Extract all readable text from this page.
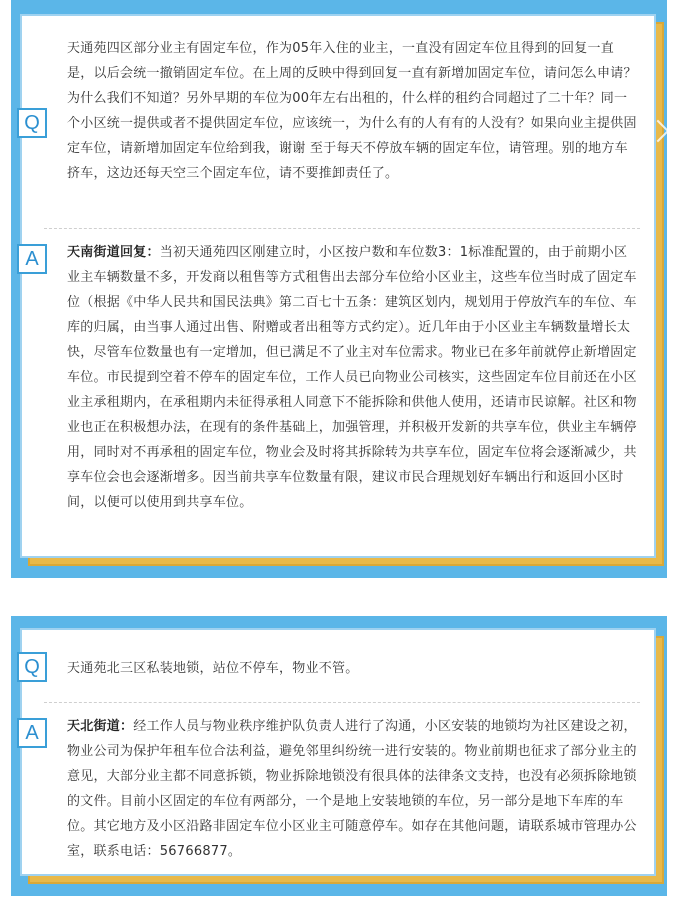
Q

天通苑四区部分业主有固定车位，作为05年入住的业主，一直没有固定车位且得到的回复一直是，以后会统一撤销固定车位。在上周的反映中得到回复一直有新增加固定车位，请问怎么申请？为什么我们不知道？另外早期的车位为00年左右出租的，什么样的租约合同超过了二十年？同一个小区统一提供或者不提供固定车位，应该统一，为什么有的人有有的人没有？如果向业主提供固定车位，请新增加固定车位给到我，谢谢 至于每天不停放车辆的固定车位，请管理。别的地方车挤车，这边还每天空三个固定车位，请不要推卸责任了。

A	天南街道回复：当初天通苑四区刚建立时，小区按户数和车位数3：1标准配置的，由于前期小区业主车辆数量不多，开发商以租售等方式租售出去部分车位给小区业主，这些车位当时成了固定车位（根据《中华人民共和国民法典》第二百七十五条：建筑区划内，规划用于停放汽车的车位、车库的归属，由当事人通过出售、附赠或者出租等方式约定）。近几年由于小区业主车辆数量增长太快，尽管车位数量也有一定增加，但已满足不了业主对车位需求。物业已在多年前就停止新增固定车位。市民提到空着不停车的固定车位，工作人员已向物业公司核实，这些固定车位目前还在小区业主承租期内，在承租期内未征得承租人同意下不能拆除和供他人使用，还请市民谅解。社区和物业也正在积极想办法，在现有的条件基础上，加强管理，并积极开发新的共享车位，供业主车辆停用，同时对不再承租的固定车位，物业会及时将其拆除转为共享车位，固定车位将会逐渐减少，共享车位会也会逐渐增多。因当前共享车位数量有限，建议市民合理规划好车辆出行和返回小区时间，以便可以使用到共享车位。

Q	天通苑北三区私装地锁，站位不停车，物业不管。

A	天北街道：经工作人员与物业秩序维护队负责人进行了沟通，小区安装的地锁均为社区建设之初，物业公司为保护年租车位合法利益，避免邻里纠纷统一进行安装的。物业前期也征求了部分业主的意见，大部分业主都不同意拆锁，物业拆除地锁没有很具体的法律条文支持，也没有必须拆除地锁的文件。目前小区固定的车位有两部分，一个是地上安装地锁的车位，另一部分是地下车库的车位。其它地方及小区沿路非固定车位小区业主可随意停车。如存在其他问题，请联系城市管理办公室，联系电话：56766877。
